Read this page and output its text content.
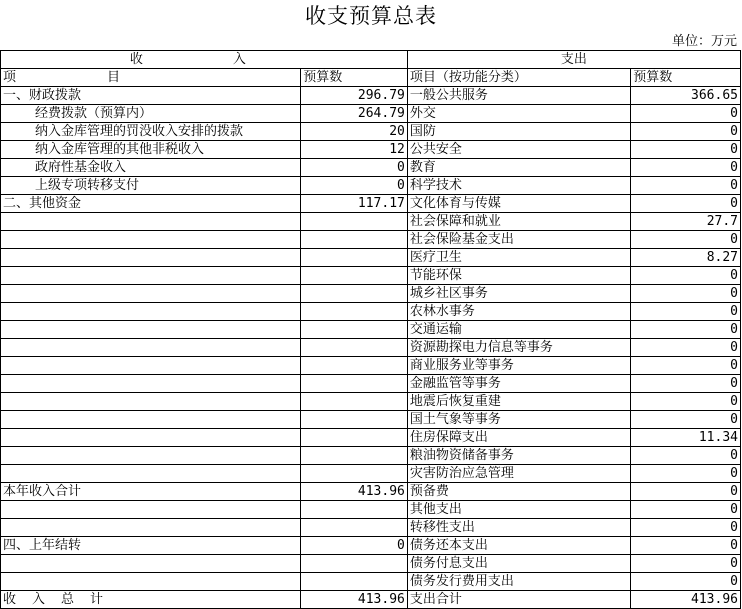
收支预算总表
单位：万元
收入		支出	
项　　　　　　　目	预算数	项目（按功能分类）	预算数
一、财政拨款	296.79	一般公共服务	366.65
经费拨款（预算内）	264.79	外交	0
纳入金库管理的罚没收入安排的拨款	20	国防	0
纳入金库管理的其他非税收入	12	公共安全	0
政府性基金收入	0	教育	0
上级专项转移支付	0	科学技术	0
二、其他资金	117.17	文化体育与传媒	0
		社会保障和就业	27.7
		社会保险基金支出	0
		医疗卫生	8.27
		节能环保	0
		城乡社区事务	0
		农林水事务	0
		交通运输	0
		资源勘探电力信息等事务	0
		商业服务业等事务	0
		金融监管等事务	0
		地震后恢复重建	0
		国土气象等事务	0
		住房保障支出	11.34
		粮油物资储备事务	0
		灾害防治应急管理	0
本年收入合计	413.96	预备费	0
		其他支出	0
		转移性支出	0
四、上年结转	0	债务还本支出	0
		债务付息支出	0
		债务发行费用支出	0
收入总计	413.96	支出合计	413.96
